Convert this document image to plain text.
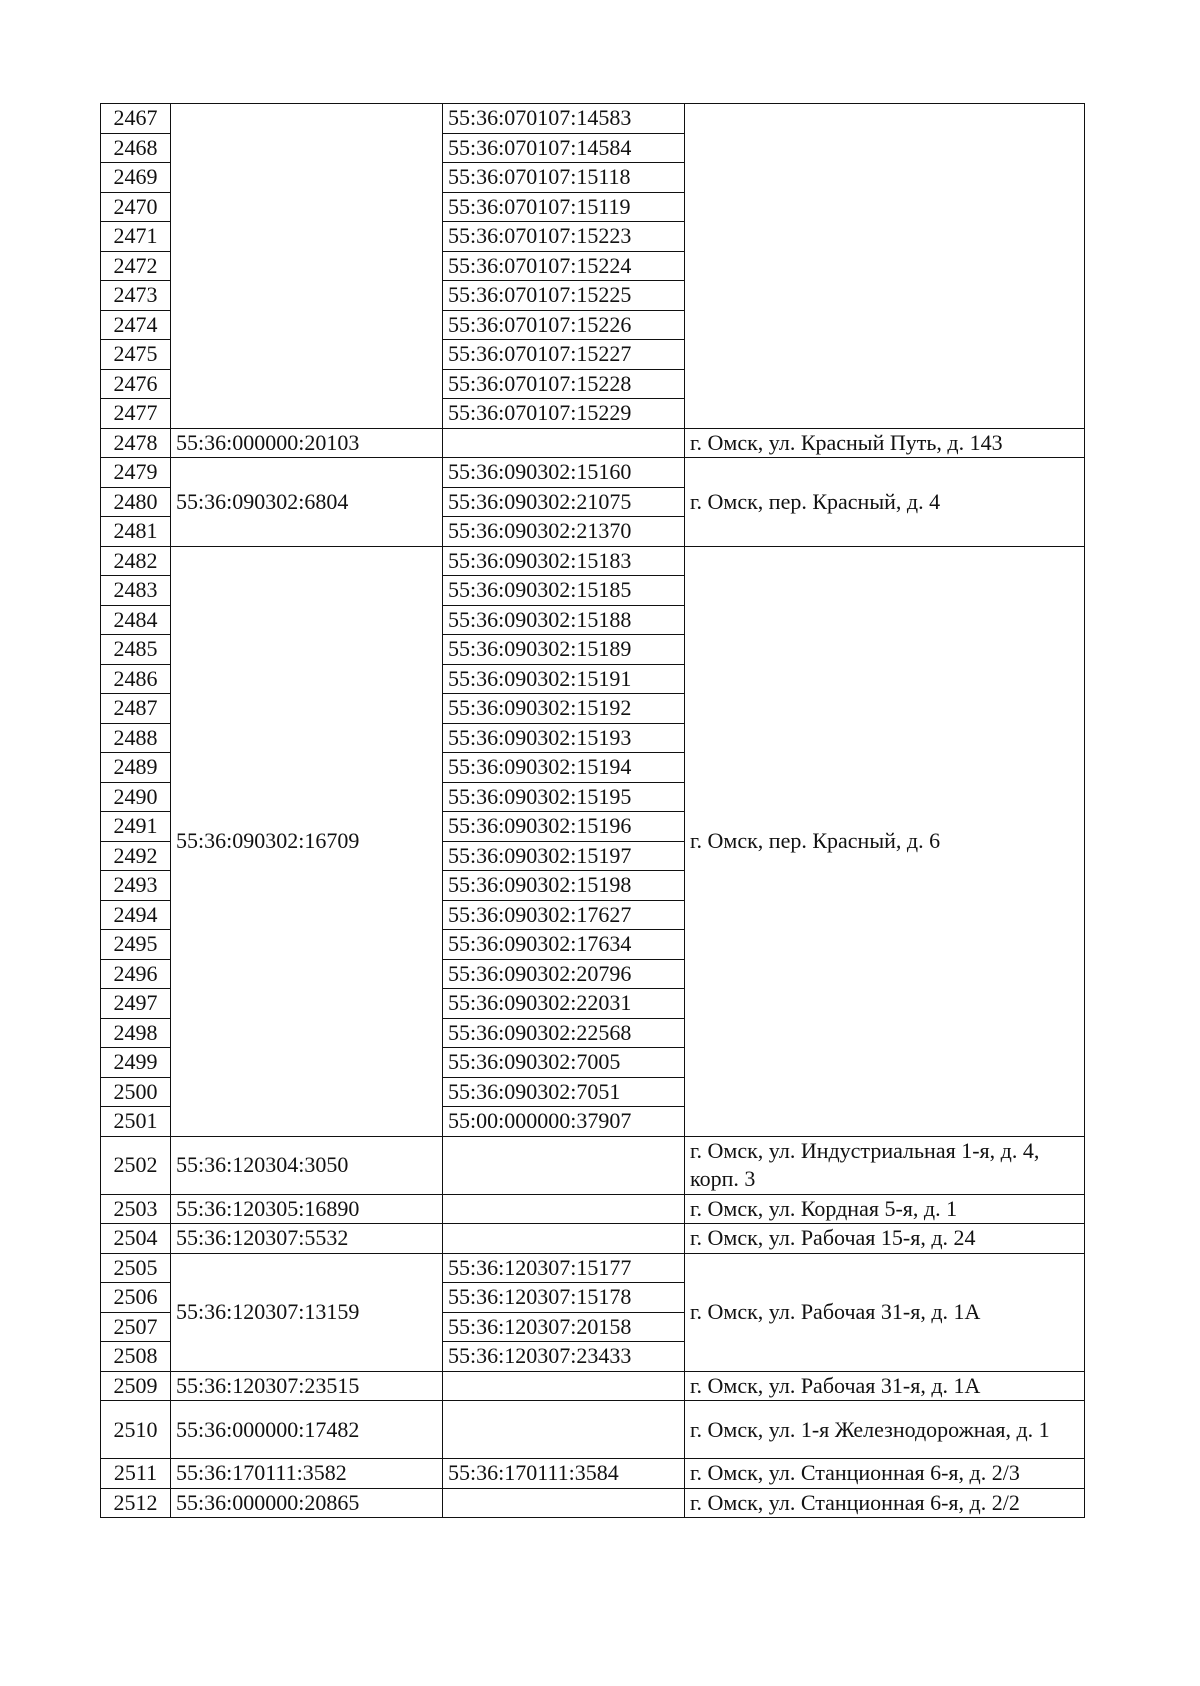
2467		55:36:070107:14583	
2468		55:36:070107:14584	
2469		55:36:070107:15118	
2470		55:36:070107:15119	
2471		55:36:070107:15223	
2472		55:36:070107:15224	
2473		55:36:070107:15225	
2474		55:36:070107:15226	
2475		55:36:070107:15227	
2476		55:36:070107:15228	
2477		55:36:070107:15229	
2478	55:36:000000:20103		г. Омск, ул. Красный Путь, д. 143
2479	55:36:090302:6804	55:36:090302:15160	г. Омск, пер. Красный, д. 4
2480		55:36:090302:21075	
2481		55:36:090302:21370	
2482	55:36:090302:16709	55:36:090302:15183	г. Омск, пер. Красный, д. 6
2483		55:36:090302:15185	
2484		55:36:090302:15188	
2485		55:36:090302:15189	
2486		55:36:090302:15191	
2487		55:36:090302:15192	
2488		55:36:090302:15193	
2489		55:36:090302:15194	
2490		55:36:090302:15195	
2491		55:36:090302:15196	
2492		55:36:090302:15197	
2493		55:36:090302:15198	
2494		55:36:090302:17627	
2495		55:36:090302:17634	
2496		55:36:090302:20796	
2497		55:36:090302:22031	
2498		55:36:090302:22568	
2499		55:36:090302:7005	
2500		55:36:090302:7051	
2501		55:00:000000:37907	
2502	55:36:120304:3050		г. Омск, ул. Индустриальная 1-я, д. 4, корп. 3
2503	55:36:120305:16890		г. Омск, ул. Кордная 5-я, д. 1
2504	55:36:120307:5532		г. Омск, ул. Рабочая 15-я, д. 24
2505	55:36:120307:13159	55:36:120307:15177	г. Омск, ул. Рабочая 31-я, д. 1А
2506		55:36:120307:15178	
2507		55:36:120307:20158	
2508		55:36:120307:23433	
2509	55:36:120307:23515		г. Омск, ул. Рабочая 31-я, д. 1А
2510	55:36:000000:17482		г. Омск, ул. 1-я Железнодорожная, д. 1
2511	55:36:170111:3582	55:36:170111:3584	г. Омск, ул. Станционная 6-я, д. 2/3
2512	55:36:000000:20865		г. Омск, ул. Станционная 6-я, д. 2/2
